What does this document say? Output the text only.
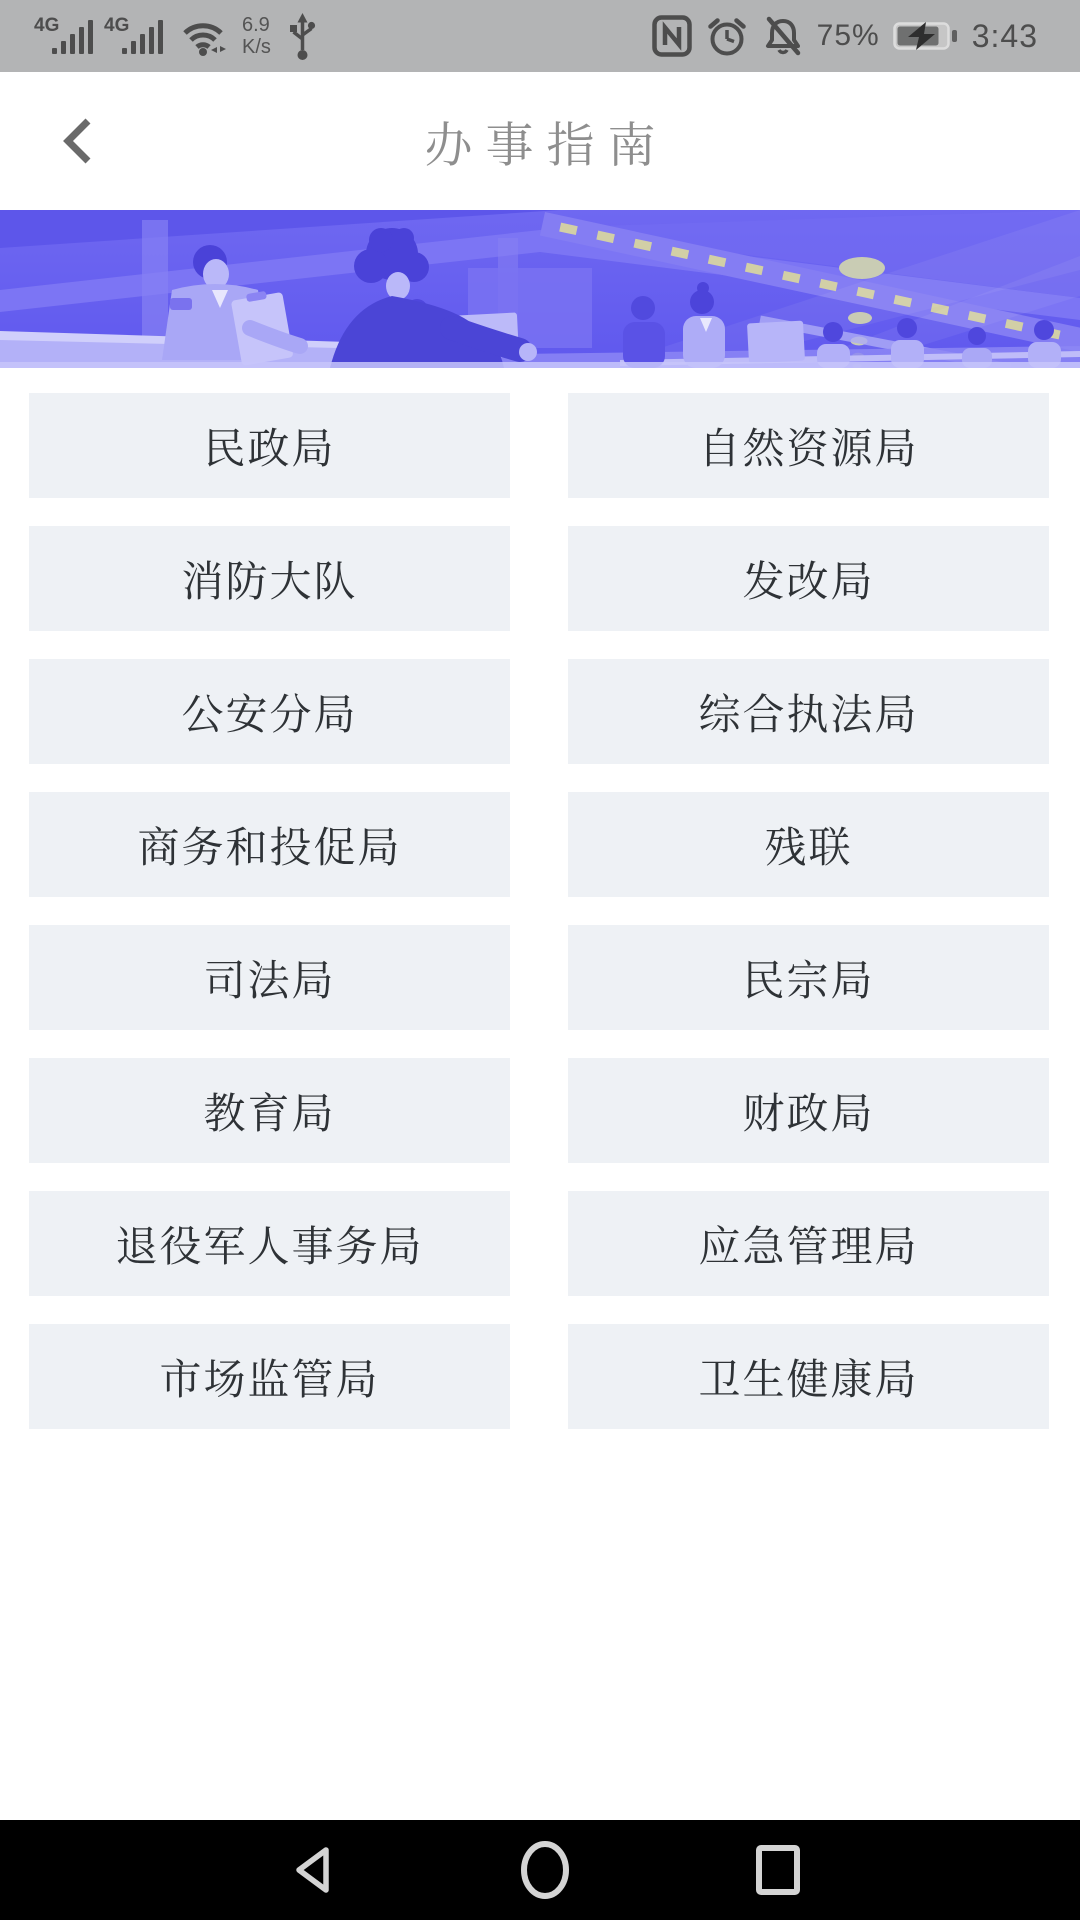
4G 4G	6.9
K/s	75%	3:43
办事指南
民政局	自然资源局
消防大队	发改局
公安分局	综合执法局
商务和投促局	残联
司法局	民宗局
教育局	财政局
退役军人事务局	应急管理局
市场监管局	卫生健康局
